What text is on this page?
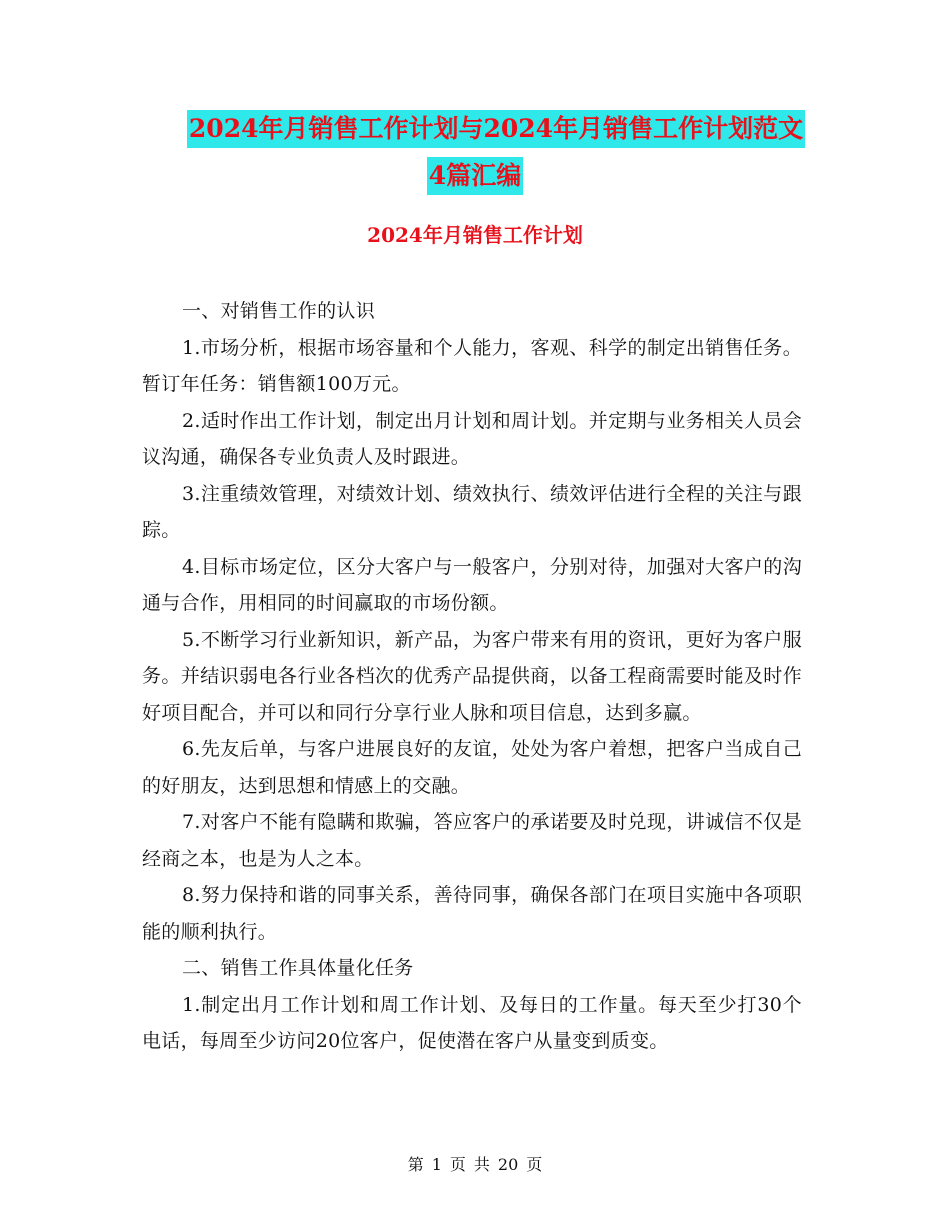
2024年月销售工作计划与2024年月销售工作计划范文
4篇汇编
2024年月销售工作计划

一、对销售工作的认识

1.市场分析，根据市场容量和个人能力，客观、科学的制定出销售任务。暂订年任务：销售额100万元。

2.适时作出工作计划，制定出月计划和周计划。并定期与业务相关人员会议沟通，确保各专业负责人及时跟进。

3.注重绩效管理，对绩效计划、绩效执行、绩效评估进行全程的关注与跟踪。

4.目标市场定位，区分大客户与一般客户，分别对待，加强对大客户的沟通与合作，用相同的时间赢取的市场份额。

5.不断学习行业新知识，新产品，为客户带来有用的资讯，更好为客户服务。并结识弱电各行业各档次的优秀产品提供商，以备工程商需要时能及时作好项目配合，并可以和同行分享行业人脉和项目信息，达到多赢。

6.先友后单，与客户进展良好的友谊，处处为客户着想，把客户当成自己的好朋友，达到思想和情感上的交融。

7.对客户不能有隐瞒和欺骗，答应客户的承诺要及时兑现，讲诚信不仅是经商之本，也是为人之本。

8.努力保持和谐的同事关系，善待同事，确保各部门在项目实施中各项职能的顺利执行。

二、销售工作具体量化任务

1.制定出月工作计划和周工作计划、及每日的工作量。每天至少打30个电话，每周至少访问20位客户，促使潜在客户从量变到质变。

第 1 页 共 20 页
